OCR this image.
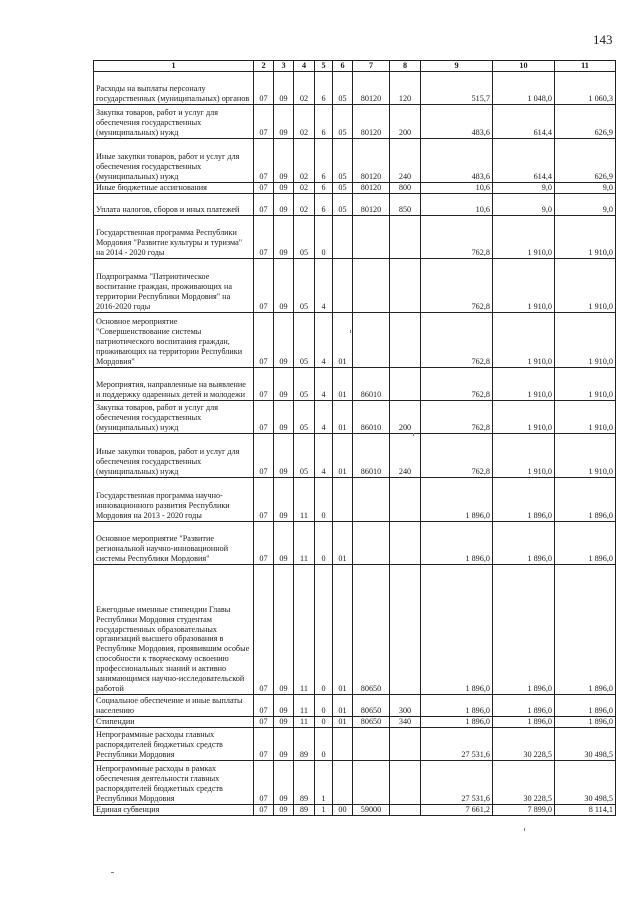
143
1	2	3	4	5	6	7	8	9	10	11
Расходы на выплаты персоналу государственных (муниципальных) органов	07	09	02	6	05	80120	120	515,7	1 048,0	1 060,3
Закупка товаров, работ и услуг для обеспечения государственных (муниципальных) нужд	07	09	02	6	05	80120	200	483,6	614,4	626,9
Иные закупки товаров, работ и услуг для обеспечения государственных (муниципальных) нужд	07	09	02	6	05	80120	240	483,6	614,4	626,9
Иные бюджетные ассигнования	07	09	02	6	05	80120	800	10,6	9,0	9,0
Уплата налогов, сборов и иных платежей	07	09	02	6	05	80120	850	10,6	9,0	9,0
Государственная программа Республики Мордовия "Развитие культуры и туризма" на 2014 - 2020 годы	07	09	05	0				762,8	1 910,0	1 910,0
Подпрограмма "Патриотическое воспитание граждан, проживающих на территории Республики Мордовия" на 2016-2020 годы	07	09	05	4				762,8	1 910,0	1 910,0
Основное мероприятие "Совершенствование системы патриотического воспитания граждан, проживающих на территории Республики Мордовия"	07	09	05	4	01			762,8	1 910,0	1 910,0
Мероприятия, направленные на выявление и поддержку одаренных детей и молодежи	07	09	05	4	01	86010		762,8	1 910,0	1 910,0
Закупка товаров, работ и услуг для обеспечения государственных (муниципальных) нужд	07	09	05	4	01	86010	200	762,8	1 910,0	1 910,0
Иные закупки товаров, работ и услуг для обеспечения государственных (муниципальных) нужд	07	09	05	4	01	86010	240	762,8	1 910,0	1 910,0
Государственная программа научно-инновационного развития Республики Мордовия на 2013 - 2020 годы	07	09	11	0				1 896,0	1 896,0	1 896,0
Основное мероприятие "Развитие региональной научно-инновационной системы Республики Мордовия"	07	09	11	0	01			1 896,0	1 896,0	1 896,0
Ежегодные именные стипендии Главы Республики Мордовия студентам государственных образовательных организаций высшего образования в Республике Мордовия, проявившим особые способности к творческому освоению профессиональных знаний и активно занимающимся научно-исследовательской работой	07	09	11	0	01	80650		1 896,0	1 896,0	1 896,0
Социальное обеспечение и иные выплаты населению	07	09	11	0	01	80650	300	1 896,0	1 896,0	1 896,0
Стипендии	07	09	11	0	01	80650	340	1 896,0	1 896,0	1 896,0
Непрограммные расходы главных распорядителей бюджетных средств Республики Мордовия	07	09	89	0				27 531,6	30 228,5	30 498,5
Непрограммные расходы в рамках обеспечения деятельности главных распорядителей бюджетных средств Республики Мордовия	07	09	89	1				27 531,6	30 228,5	30 498,5
Единая субвенция	07	09	89	1	00	59000		7 661,2	7 899,0	8 114,1
